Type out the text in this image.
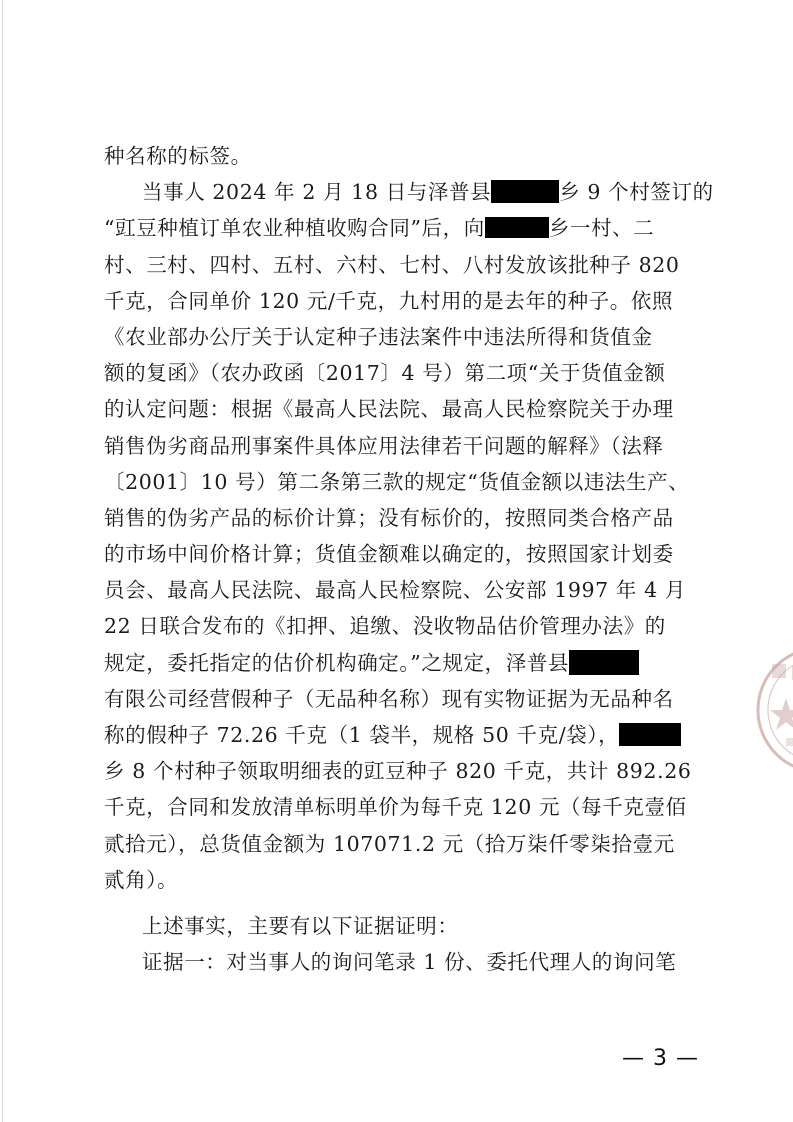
种名称的标签。
当事人 2024 年 2 月 18 日与泽普县	乡 9 个村签订的
“豇豆种植订单农业种植收购合同”后，向	乡一村、二
村、三村、四村、五村、六村、七村、八村发放该批种子 820
千克，合同单价 120 元/千克，九村用的是去年的种子。依照
《农业部办公厅关于认定种子违法案件中违法所得和货值金
额的复函》（农办政函〔2017〕4 号）第二项“关于货值金额
的认定问题：根据《最高人民法院、最高人民检察院关于办理
销售伪劣商品刑事案件具体应用法律若干问题的解释》（法释
〔2001〕10 号）第二条第三款的规定“货值金额以违法生产、
销售的伪劣产品的标价计算；没有标价的，按照同类合格产品
的市场中间价格计算；货值金额难以确定的，按照国家计划委
员会、最高人民法院、最高人民检察院、公安部 1997 年 4 月
22 日联合发布的《扣押、追缴、没收物品估价管理办法》的
规定，委托指定的估价机构确定。”之规定，泽普县
有限公司经营假种子（无品种名称）现有实物证据为无品种名
称的假种子 72.26 千克（1 袋半，规格 50 千克/袋），
乡 8 个村种子领取明细表的豇豆种子 820 千克，共计 892.26
千克，合同和发放清单标明单价为每千克 120 元（每千克壹佰
贰拾元），总货值金额为 107071.2 元（拾万柒仟零柒拾壹元
贰角）。
上述事实，主要有以下证据证明：
证据一：对当事人的询问笔录 1 份、委托代理人的询问笔
— 3 —
